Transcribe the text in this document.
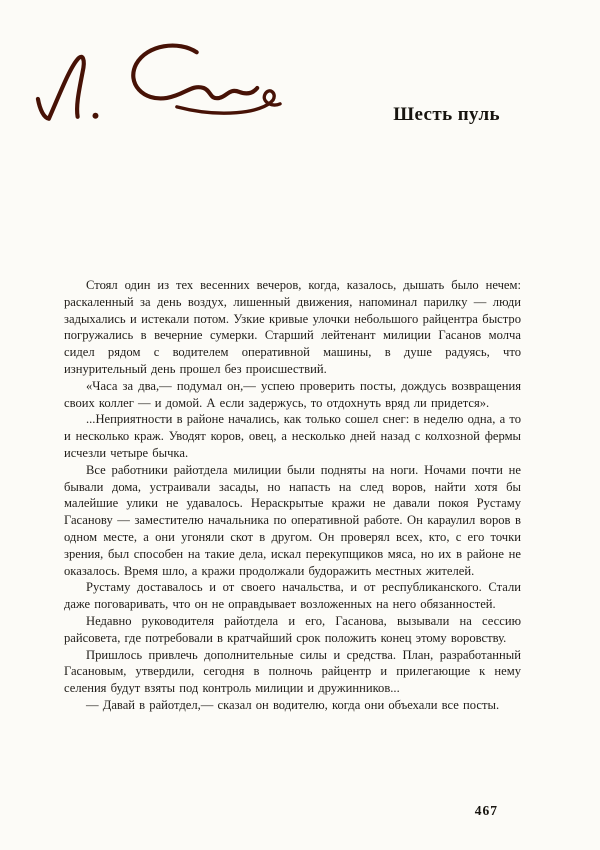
Шесть пуль

Стоял один из тех весенних вечеров, когда, казалось, дышать было нечем: раскаленный за день воздух, лишенный движения, напоминал парилку — люди задыхались и истекали потом. Узкие кривые улочки небольшого райцентра быстро погружались в вечерние сумерки. Старший лейтенант милиции Гасанов молча сидел рядом с водителем оперативной машины, в душе радуясь, что изнурительный день прошел без происшествий.

«Часа за два,— подумал он,— успею проверить посты, дождусь возвращения своих коллег — и домой. А если задержусь, то отдохнуть вряд ли придется».

...Неприятности в районе начались, как только сошел снег: в неделю одна, а то и несколько краж. Уводят коров, овец, а несколько дней назад с колхозной фермы исчезли четыре бычка.

Все работники райотдела милиции были подняты на ноги. Ночами почти не бывали дома, устраивали засады, но напасть на след воров, найти хотя бы малейшие улики не удавалось. Нераскрытые кражи не давали покоя Рустаму Гасанову — заместителю начальника по оперативной работе. Он караулил воров в одном месте, а они угоняли скот в другом. Он проверял всех, кто, с его точки зрения, был способен на такие дела, искал перекупщиков мяса, но их в районе не оказалось. Время шло, а кражи продолжали будоражить местных жителей.

Рустаму доставалось и от своего начальства, и от республиканского. Стали даже поговаривать, что он не оправдывает возложенных на него обязанностей.

Недавно руководителя райотдела и его, Гасанова, вызывали на сессию райсовета, где потребовали в кратчайший срок положить конец этому воровству.

Пришлось привлечь дополнительные силы и средства. План, разработанный Гасановым, утвердили, сегодня в полночь райцентр и прилегающие к нему селения будут взяты под контроль милиции и дружинников...

— Давай в райотдел,— сказал он водителю, когда они объехали все посты.

467
